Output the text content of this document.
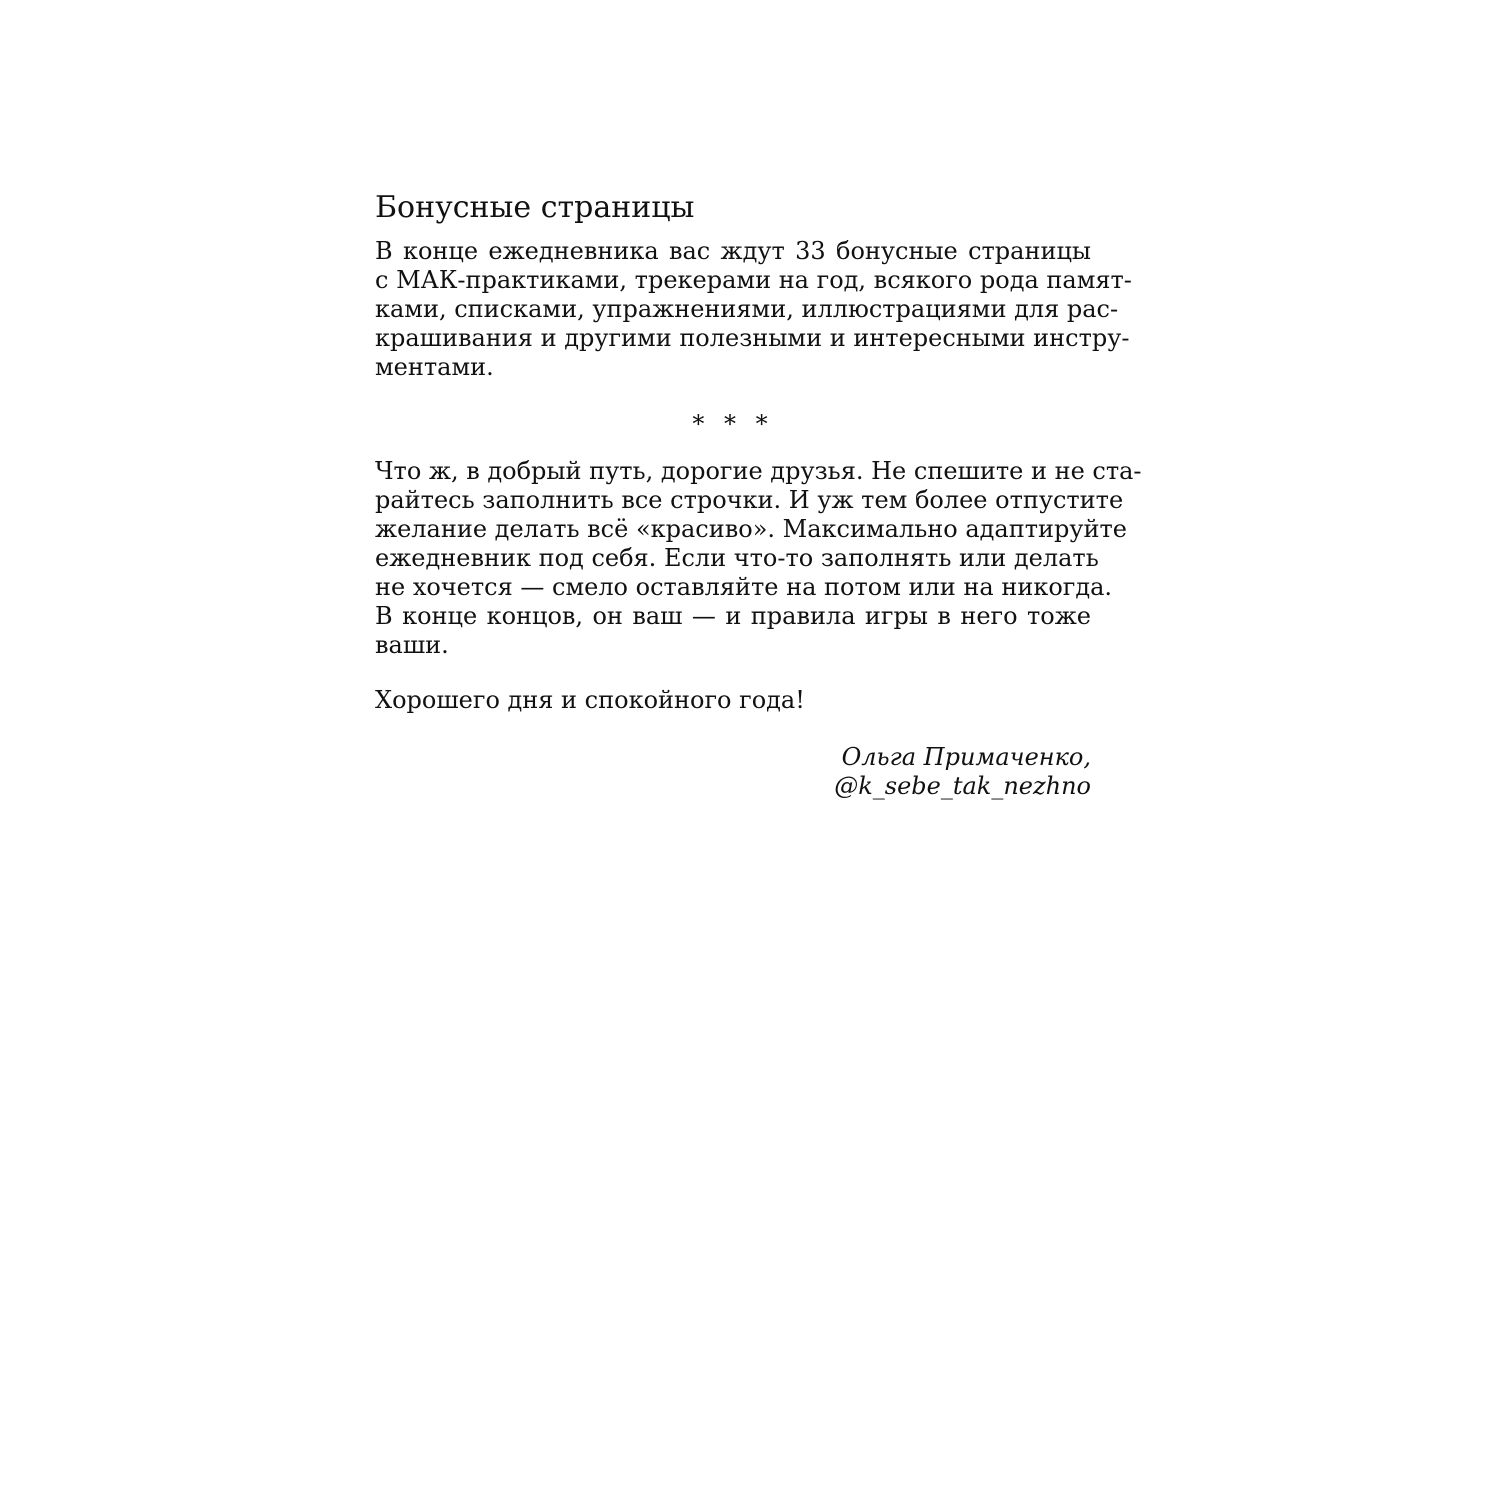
Бонусные страницы
В конце ежедневника вас ждут 33 бонусные страницы
с МАК-практиками, трекерами на год, всякого рода памят-
ками, списками, упражнениями, иллюстрациями для рас-
крашивания и другими полезными и интересными инстру-
ментами.
* * *
Что ж, в добрый путь, дорогие друзья. Не спешите и не ста-
райтесь заполнить все строчки. И уж тем более отпустите
желание делать всё «красиво». Максимально адаптируйте
ежедневник под себя. Если что-то заполнять или делать
не хочется — смело оставляйте на потом или на никогда.
В конце концов, он ваш — и правила игры в него тоже
ваши.
Хорошего дня и спокойного года!
Ольга Примаченко,
@k_sebe_tak_nezhno
